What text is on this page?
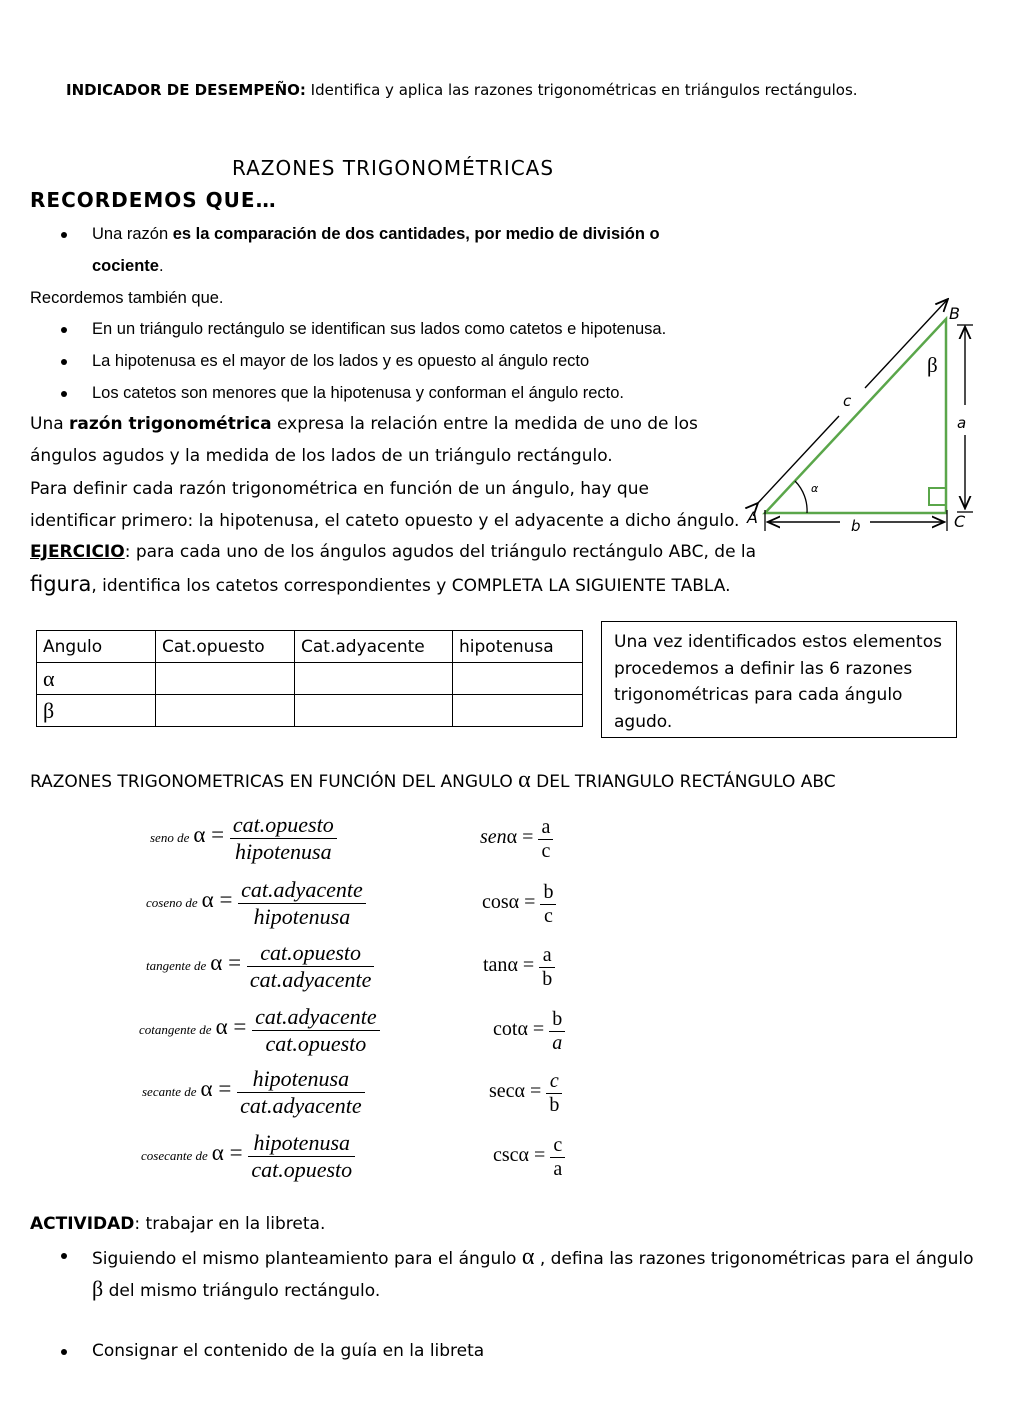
INDICADOR DE DESEMPEÑO: Identifica y aplica las razones trigonométricas en triángulos rectángulos.
RAZONES TRIGONOMÉTRICAS
RECORDEMOS QUE…
Una razón es la comparación de dos cantidades, por medio de división o
cociente.
Recordemos también que.
En un triángulo rectángulo se identifican sus lados como catetos e hipotenusa.
La hipotenusa es el mayor de los lados y es opuesto al ángulo recto
Los catetos son menores que la hipotenusa y conforman el ángulo recto.
Una razón trigonométrica expresa la relación entre la medida de uno de los
ángulos agudos y la medida de los lados de un triángulo rectángulo.
Para definir cada razón trigonométrica en función de un ángulo, hay que
identificar primero: la hipotenusa, el cateto opuesto y el adyacente a dicho ángulo.
EJERCICIO: para cada uno de los ángulos agudos del triángulo rectángulo ABC, de la
figura, identifica los catetos correspondientes y COMPLETA LA SIGUIENTE TABLA.
A
B
C
a
b
c
α
β
Angulo	Cat.opuesto	Cat.adyacente	hipotenusa
α			
β			
Una vez identificados estos elementos
procedemos a definir las 6 razones
trigonométricas para cada ángulo
agudo.
RAZONES TRIGONOMETRICAS EN FUNCIÓN DEL ANGULO α DEL TRIANGULO RECTÁNGULO ABC
seno de $\alpha = \frac{\text{cat.opuesto}}{\text{hipotenusa}}$	$sen\alpha = \frac{a}{c}$
coseno de $\alpha = \frac{\text{cat.adyacente}}{\text{hipotenusa}}$	$\cos\alpha = \frac{b}{c}$
tangente de $\alpha = \frac{\text{cat.opuesto}}{\text{cat.adyacente}}$	$\tan\alpha = \frac{a}{b}$
cotangente de $\alpha = \frac{\text{cat.adyacente}}{\text{cat.opuesto}}$	$\cot\alpha = \frac{b}{a}$
secante de $\alpha = \frac{\text{hipotenusa}}{\text{cat.adyacente}}$	$\sec\alpha = \frac{c}{b}$
cosecante de $\alpha = \frac{\text{hipotenusa}}{\text{cat.opuesto}}$	$\csc\alpha = \frac{c}{a}$
ACTIVIDAD: trabajar en la libreta.
Siguiendo el mismo planteamiento para el ángulo α , defina las razones trigonométricas para el ángulo
β del mismo triángulo rectángulo.
Consignar el contenido de la guía en la libreta
